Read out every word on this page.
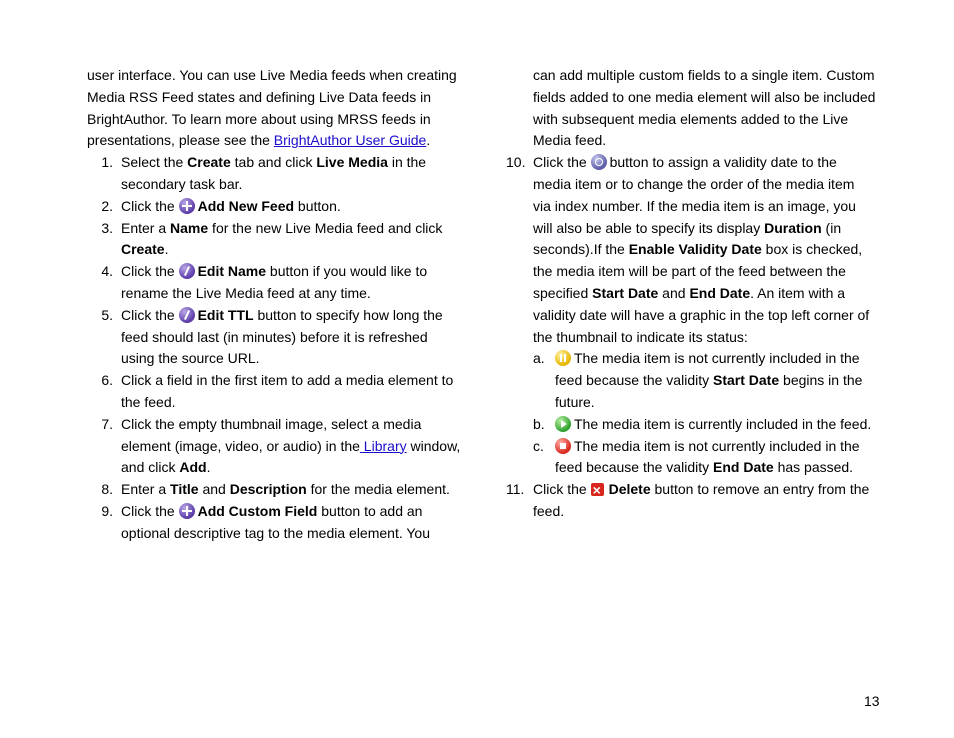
user interface. You can use Live Media feeds when creating Media RSS Feed states and defining Live Data feeds in BrightAuthor. To learn more about using MRSS feeds in presentations, please see the BrightAuthor User Guide.

1. Select the Create tab and click Live Media in the secondary task bar.
2. Click the Add New Feed button.
3. Enter a Name for the new Live Media feed and click Create.
4. Click the Edit Name button if you would like to rename the Live Media feed at any time.
5. Click the Edit TTL button to specify how long the feed should last (in minutes) before it is refreshed using the source URL.
6. Click a field in the first item to add a media element to the feed.
7. Click the empty thumbnail image, select a media element (image, video, or audio) in the Library window, and click Add.
8. Enter a Title and Description for the media element.
9. Click the Add Custom Field button to add an optional descriptive tag to the media element. You

can add multiple custom fields to a single item. Custom fields added to one media element will also be included with subsequent media elements added to the Live Media feed.

10. Click the button to assign a validity date to the media item or to change the order of the media item via index number. If the media item is an image, you will also be able to specify its display Duration (in seconds).If the Enable Validity Date box is checked, the media item will be part of the feed between the specified Start Date and End Date. An item with a validity date will have a graphic in the top left corner of the thumbnail to indicate its status:
a.	The media item is not currently included in the feed because the validity Start Date begins in the future.
b.	The media item is currently included in the feed.
c.	The media item is not currently included in the feed because the validity End Date has passed.
11. Click the ×Delete button to remove an entry from the feed.
13
